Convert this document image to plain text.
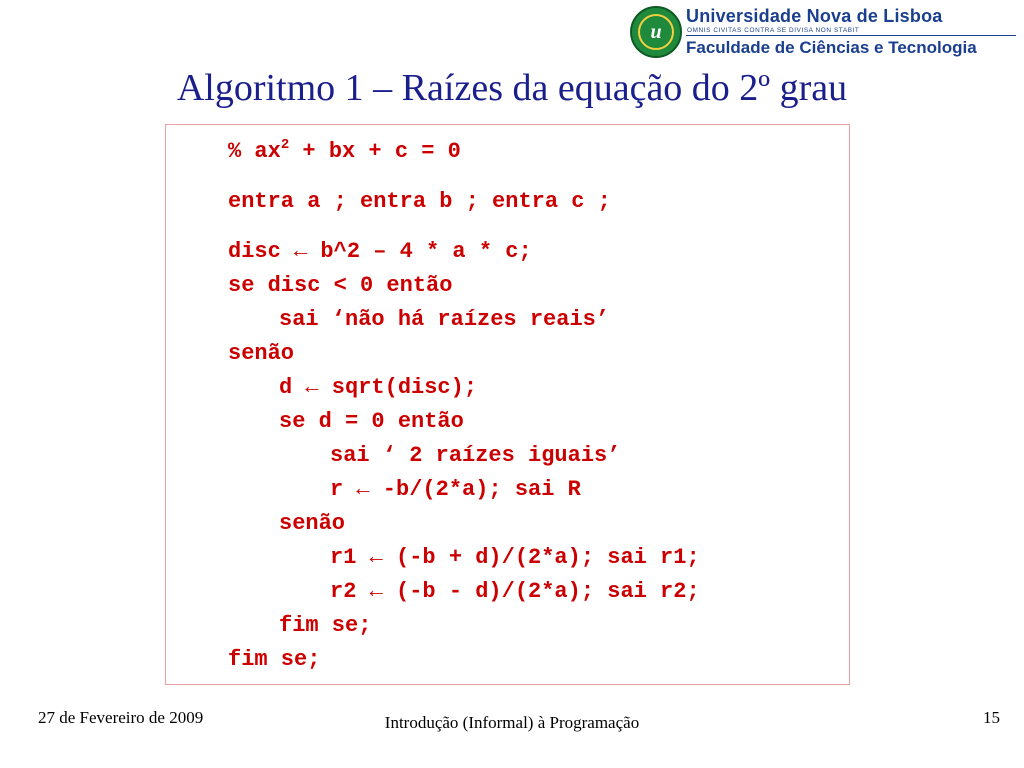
u
Universidade Nova de Lisboa
OMNIS CIVITAS CONTRA SE DIVISA NON STABIT
Faculdade de Ciências e Tecnologia
Algoritmo 1 – Raízes da equação do 2º grau
% $ax^2$ + bx + c = 0
entra a ; entra b ; entra c ;
disc ← b^2 – 4 * a * c;
se disc < 0 então
sai ‘não há raízes reais’
senão
d ← sqrt(disc);
se d = 0 então
sai ‘ 2 raízes iguais’
r ← -b/(2*a); sai R
senão
r1 ← (-b + d)/(2*a); sai r1;
r2 ← (-b - d)/(2*a); sai r2;
fim se;
fim se;
27 de Fevereiro de 2009	Introdução (Informal) à Programação	15
